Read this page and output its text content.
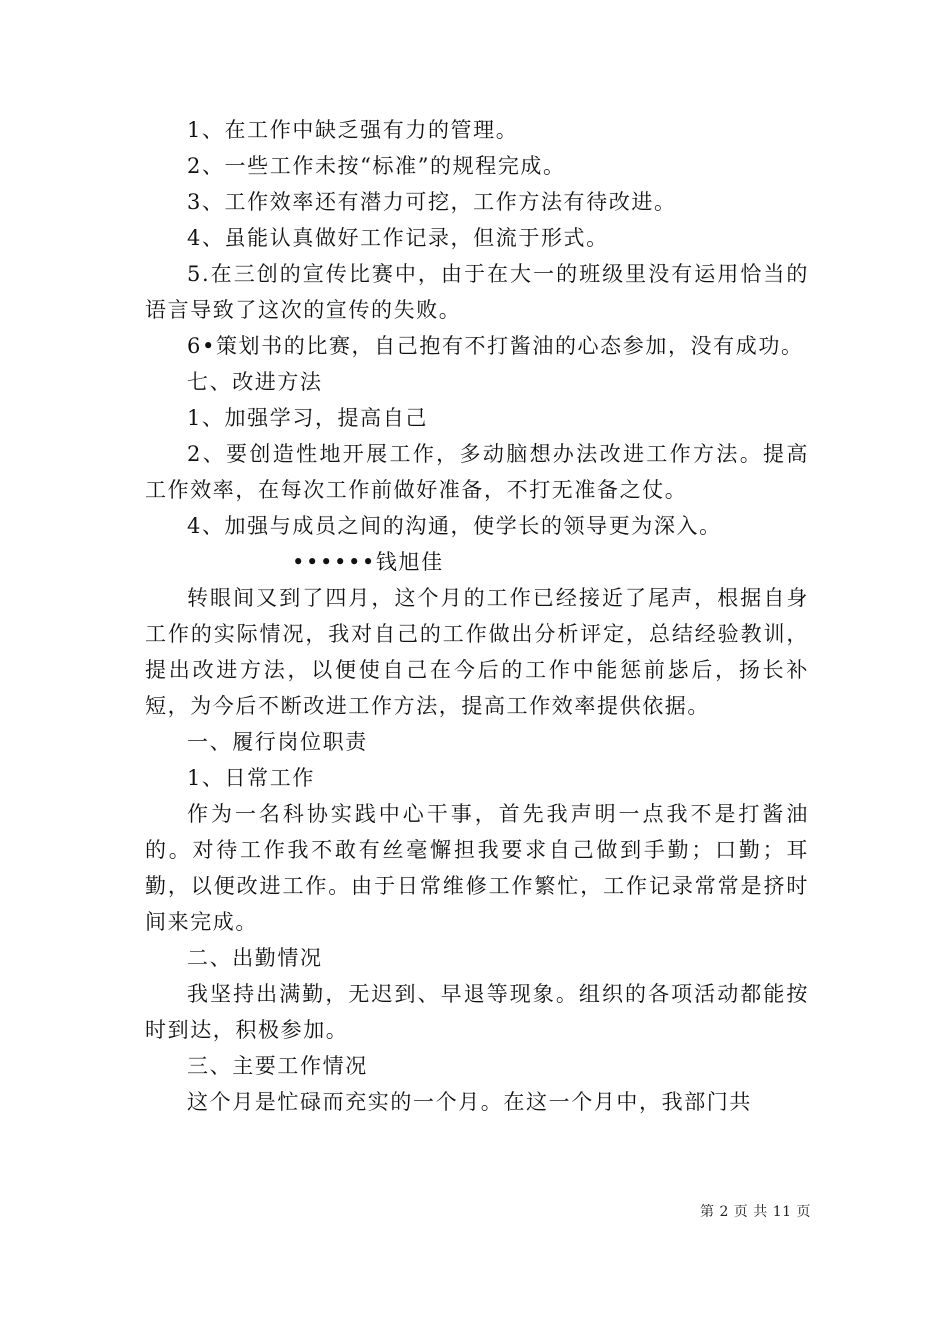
1、在工作中缺乏强有力的管理。

2、一些工作未按“标准”的规程完成。

3、工作效率还有潜力可挖，工作方法有待改进。

4、虽能认真做好工作记录，但流于形式。

5.在三创的宣传比赛中，由于在大一的班级里没有运用恰当的语言导致了这次的宣传的失败。

6•策划书的比赛，自己抱有不打酱油的心态参加，没有成功。

七、改进方法

1、加强学习，提高自己

2、要创造性地开展工作，多动脑想办法改进工作方法。提高工作效率，在每次工作前做好准备，不打无准备之仗。

4、加强与成员之间的沟通，使学长的领导更为深入。

••••••钱旭佳

转眼间又到了四月，这个月的工作已经接近了尾声，根据自身工作的实际情况，我对自己的工作做出分析评定，总结经验教训，提出改进方法，以便使自己在今后的工作中能惩前毖后，扬长补短，为今后不断改进工作方法，提高工作效率提供依据。

一、履行岗位职责

1、日常工作

作为一名科协实践中心干事，首先我声明一点我不是打酱油的。对待工作我不敢有丝毫懈担我要求自己做到手勤；口勤；耳勤，以便改进工作。由于日常维修工作繁忙，工作记录常常是挤时间来完成。

二、出勤情况

我坚持出满勤，无迟到、早退等现象。组织的各项活动都能按时到达，积极参加。

三、主要工作情况

这个月是忙碌而充实的一个月。在这一个月中，我部门共

第 2 页 共 11 页
